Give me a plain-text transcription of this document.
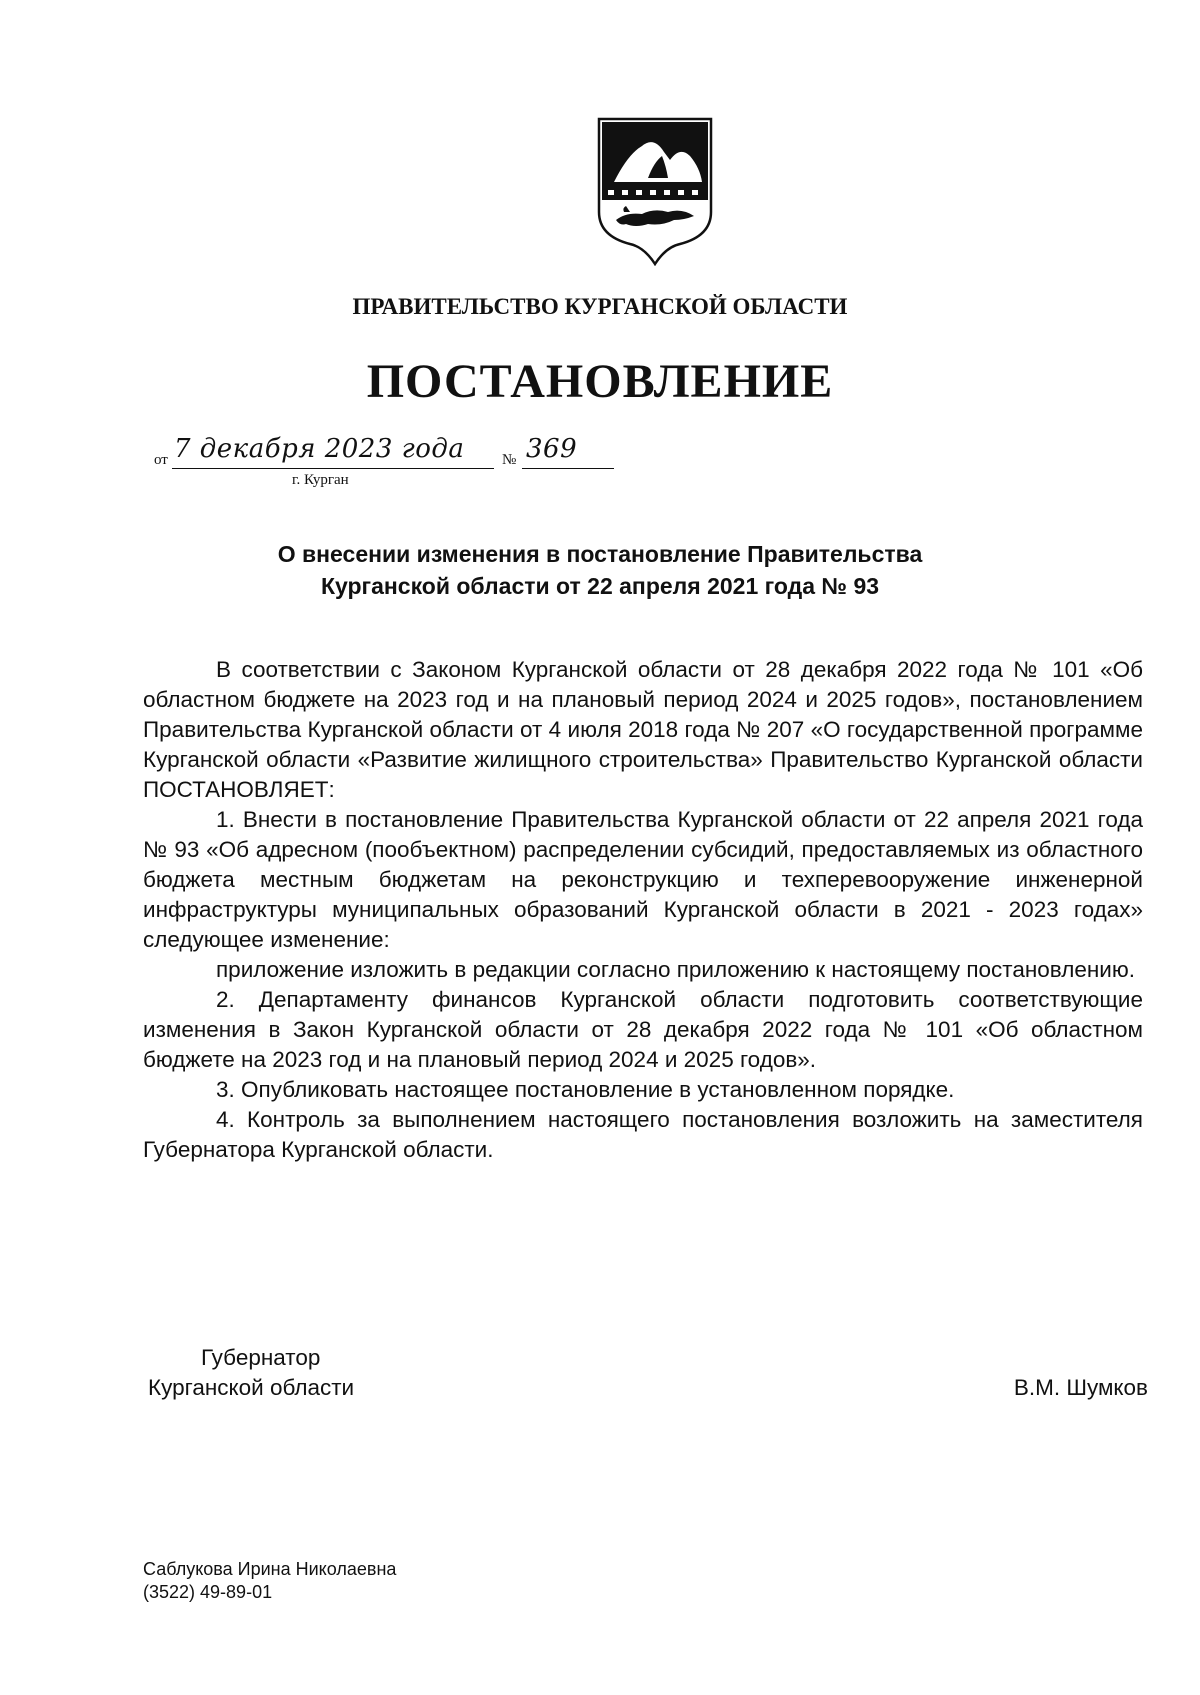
ПРАВИТЕЛЬСТВО КУРГАНСКОЙ ОБЛАСТИ
ПОСТАНОВЛЕНИЕ
от 7 декабря 2023 года	№ 369
г. Курган
О внесении изменения в постановление Правительства
Курганской области от 22 апреля 2021 года № 93

В соответствии с Законом Курганской области от 28 декабря 2022 года № 101 «Об областном бюджете на 2023 год и на плановый период 2024 и 2025 годов», постановлением Правительства Курганской области от 4 июля 2018 года № 207 «О государственной программе Курганской области «Развитие жилищного строительства» Правительство Курганской области ПОСТАНОВЛЯЕТ:

1. Внести в постановление Правительства Курганской области от 22 апреля 2021 года № 93 «Об адресном (пообъектном) распределении субсидий, предоставляемых из областного бюджета местным бюджетам на реконструкцию и техперевооружение инженерной инфраструктуры муниципальных образований Курганской области в 2021 - 2023 годах» следующее изменение:

приложение изложить в редакции согласно приложению к настоящему постановлению.

2. Департаменту финансов Курганской области подготовить соответствующие изменения в Закон Курганской области от 28 декабря 2022 года № 101 «Об областном бюджете на 2023 год и на плановый период 2024 и 2025 годов».

3. Опубликовать настоящее постановление в установленном порядке.

4. Контроль за выполнением настоящего постановления возложить на заместителя Губернатора Курганской области.

Губернатор
Курганской области	В.М. Шумков
Саблукова Ирина Николаевна
(3522) 49-89-01
